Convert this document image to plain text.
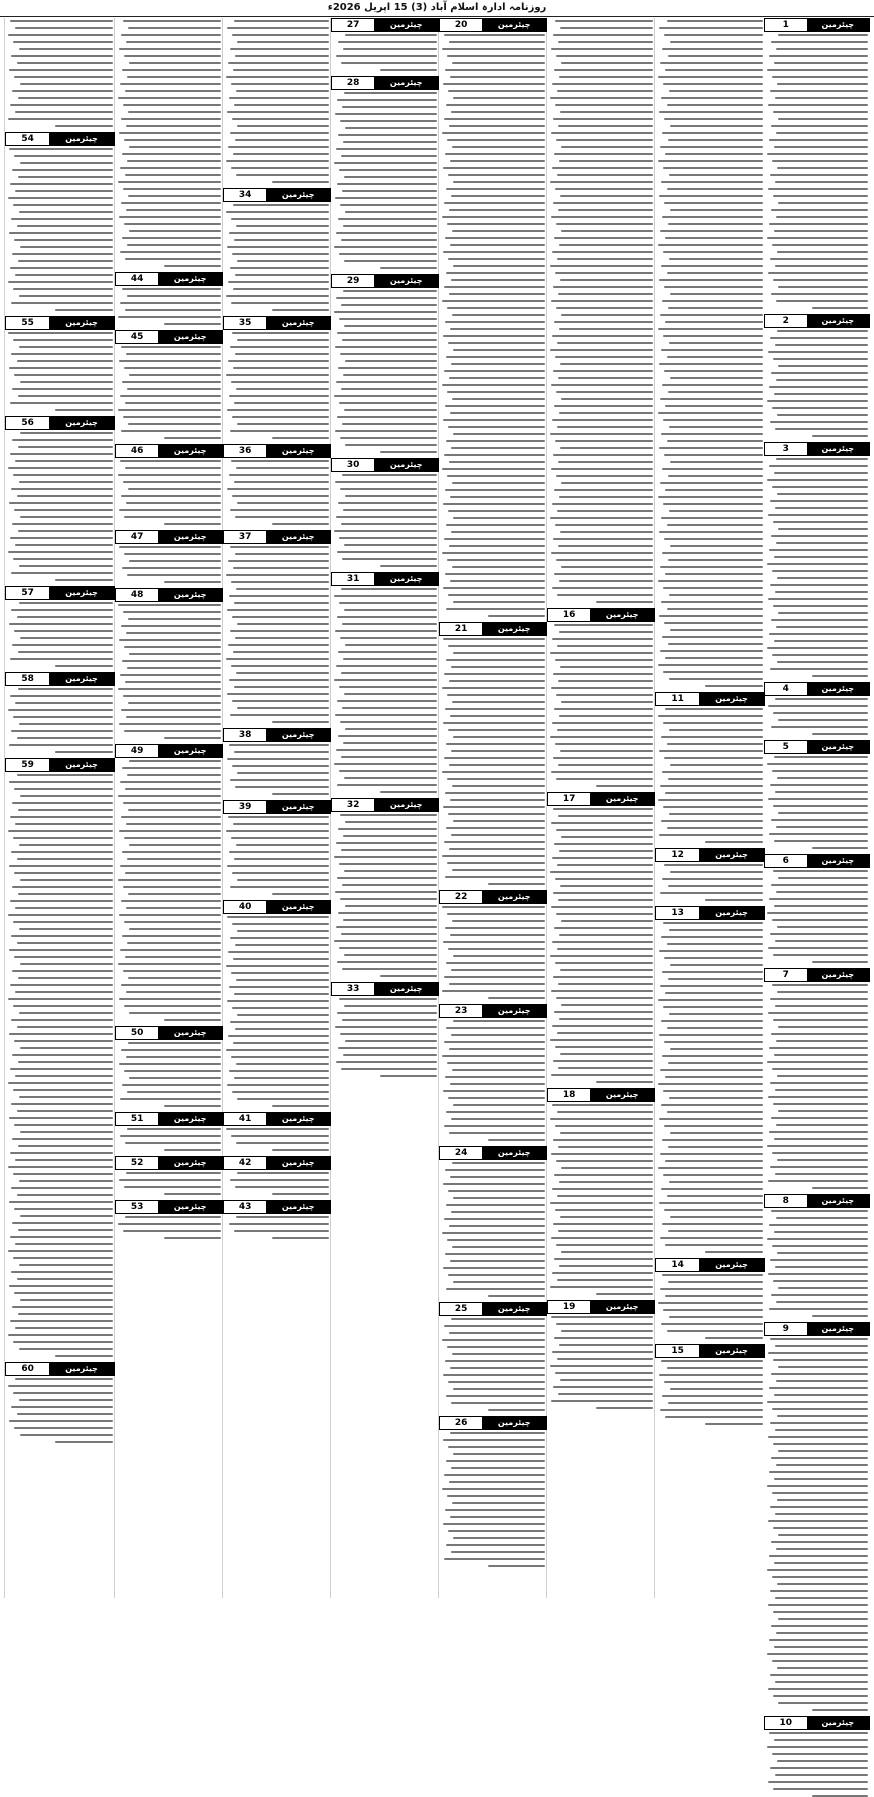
روزنامہ ادارہ اسلام آباد (3) 15 اپریل 2026ء
1	چیئرمین
2	چیئرمین
3	چیئرمین
4	چیئرمین
5	چیئرمین
6	چیئرمین
7	چیئرمین
8	چیئرمین
9	چیئرمین
10	چیئرمین
11	چیئرمین
12	چیئرمین
13	چیئرمین
14	چیئرمین
15	چیئرمین
16	چیئرمین
17	چیئرمین
18	چیئرمین
19	چیئرمین
20	چیئرمین
21	چیئرمین
22	چیئرمین
23	چیئرمین
24	چیئرمین
25	چیئرمین
26	چیئرمین
27	چیئرمین
28	چیئرمین
29	چیئرمین
30	چیئرمین
31	چیئرمین
32	چیئرمین
33	چیئرمین
34	چیئرمین
35	چیئرمین
36	چیئرمین
37	چیئرمین
38	چیئرمین
39	چیئرمین
40	چیئرمین
41	چیئرمین
42	چیئرمین
43	چیئرمین
44	چیئرمین
45	چیئرمین
46	چیئرمین
47	چیئرمین
48	چیئرمین
49	چیئرمین
50	چیئرمین
51	چیئرمین
52	چیئرمین
53	چیئرمین
54	چیئرمین
55	چیئرمین
56	چیئرمین
57	چیئرمین
58	چیئرمین
59	چیئرمین
60	چیئرمین
